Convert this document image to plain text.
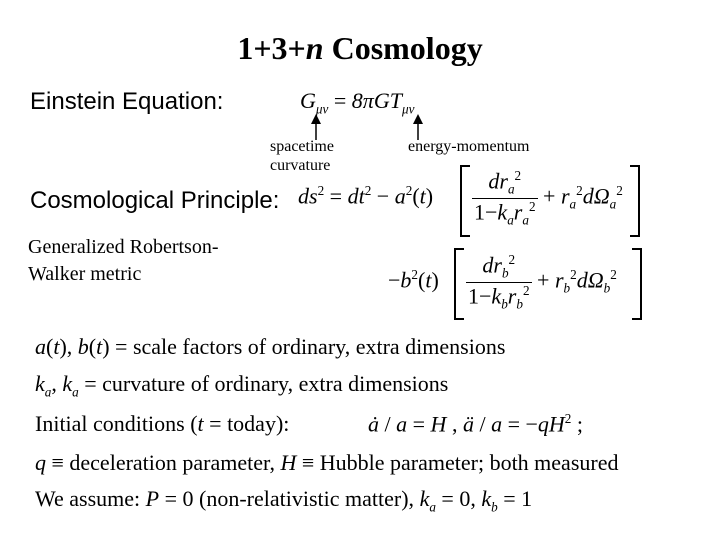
1+3+n Cosmology
Einstein Equation:	$G_{\mu\nu} = 8\pi GT_{\mu\nu}$
spacetime
curvature
energy-momentum
Cosmological Principle:
Generalized Robertson-
Walker metric
$ds^2 = dt^2 - a^2(t) \frac{dr_a^2}{1-k_ar_a^2} + r_a^2d\Omega_a^2$
$-b^2(t) \frac{dr_b^2}{1-k_br_b^2} + r_b^2d\Omega_b^2$
a(t), b(t) = scale factors of ordinary, extra dimensions
$k_a$, $k_a$ = curvature of ordinary, extra dimensions
Initial conditions (t = today):	ȧ / a = H , ä / $a = -qH^2$ ;
q ≡ deceleration parameter, H ≡ Hubble parameter; both measured
We assume: P = 0 (non-relativistic matter), $k_a = 0$, $k_b = 1$
